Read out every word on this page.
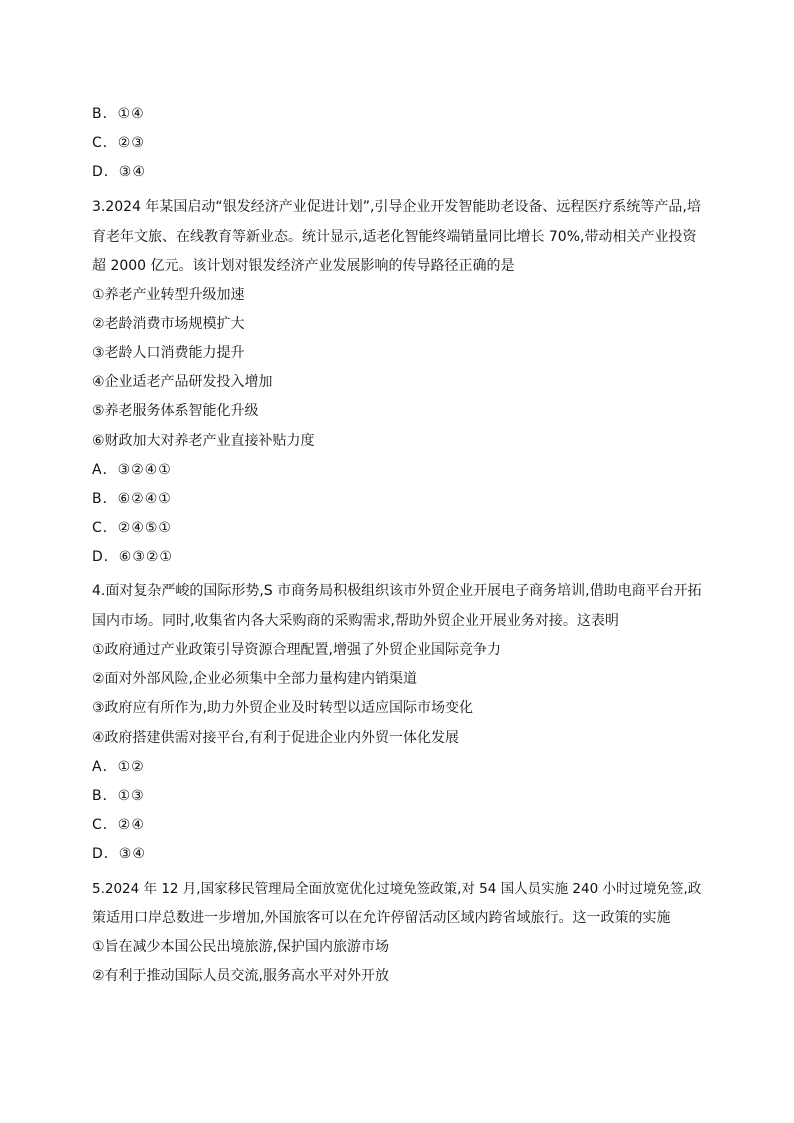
B．①④
C．②③
D．③④
3.2024 年某国启动“银发经济产业促进计划”,引导企业开发智能助老设备、远程医疗系统等产品,培
育老年文旅、在线教育等新业态。统计显示,适老化智能终端销量同比增长 70%,带动相关产业投资
超 2000 亿元。该计划对银发经济产业发展影响的传导路径正确的是
①养老产业转型升级加速
②老龄消费市场规模扩大
③老龄人口消费能力提升
④企业适老产品研发投入增加
⑤养老服务体系智能化升级
⑥财政加大对养老产业直接补贴力度
A．③②④①
B．⑥②④①
C．②④⑤①
D．⑥③②①
4.面对复杂严峻的国际形势,S 市商务局积极组织该市外贸企业开展电子商务培训,借助电商平台开拓
国内市场。同时,收集省内各大采购商的采购需求,帮助外贸企业开展业务对接。这表明
①政府通过产业政策引导资源合理配置,增强了外贸企业国际竞争力
②面对外部风险,企业必须集中全部力量构建内销渠道
③政府应有所作为,助力外贸企业及时转型以适应国际市场变化
④政府搭建供需对接平台,有利于促进企业内外贸一体化发展
A．①②
B．①③
C．②④
D．③④
5.2024 年 12 月,国家移民管理局全面放宽优化过境免签政策,对 54 国人员实施 240 小时过境免签,政
策适用口岸总数进一步增加,外国旅客可以在允许停留活动区域内跨省域旅行。这一政策的实施
①旨在减少本国公民出境旅游,保护国内旅游市场
②有利于推动国际人员交流,服务高水平对外开放
